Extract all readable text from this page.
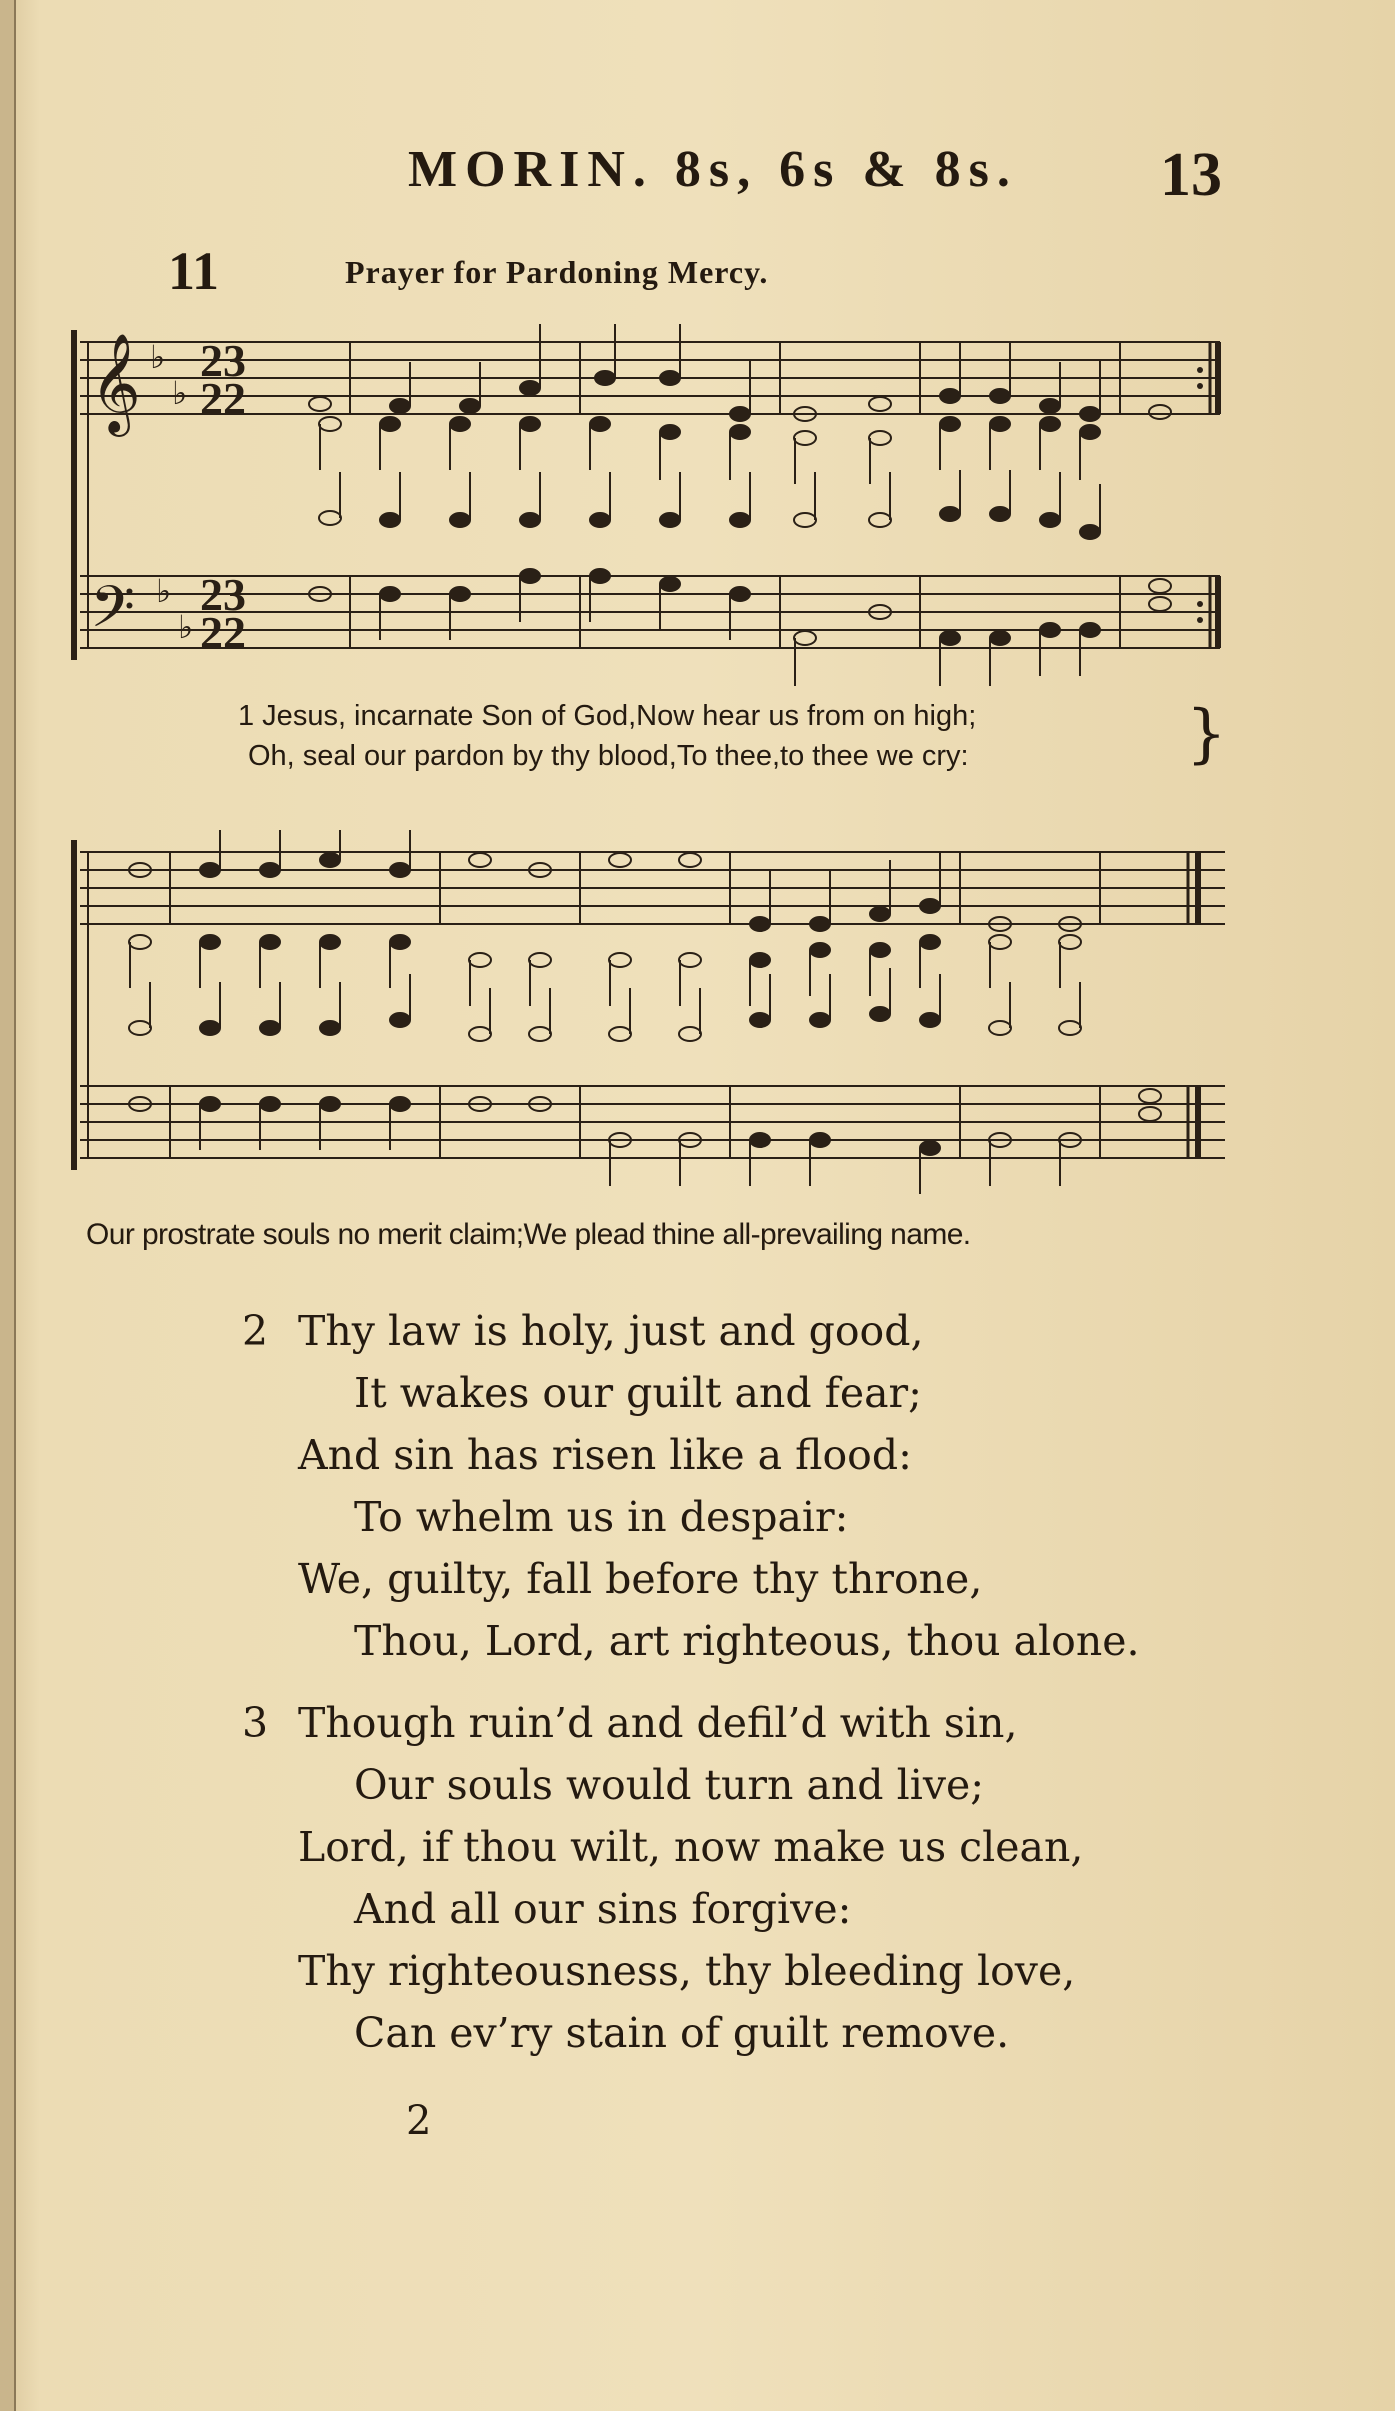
MORIN. 8s, 6s & 8s. 13
11	Prayer for Pardoning Mercy.
𝄞
𝄢
♭
♭
♭
♭
23
22
23
22
1 Jesus, incarnate Son of God,Now hear us from on high;
Oh, seal our pardon by thy blood,To thee,to thee we cry:	}
Our prostrate souls no merit claim;We plead thine all-prevailing name.
2 Thy law is holy, just and good,
It wakes our guilt and fear;
And sin has risen like a flood:
To whelm us in despair:
We, guilty, fall before thy throne,
Thou, Lord, art righteous, thou alone.
3 Though ruin’d and defil’d with sin,
Our souls would turn and live;
Lord, if thou wilt, now make us clean,
And all our sins forgive:
Thy righteousness, thy bleeding love,
Can ev’ry stain of guilt remove.
2
